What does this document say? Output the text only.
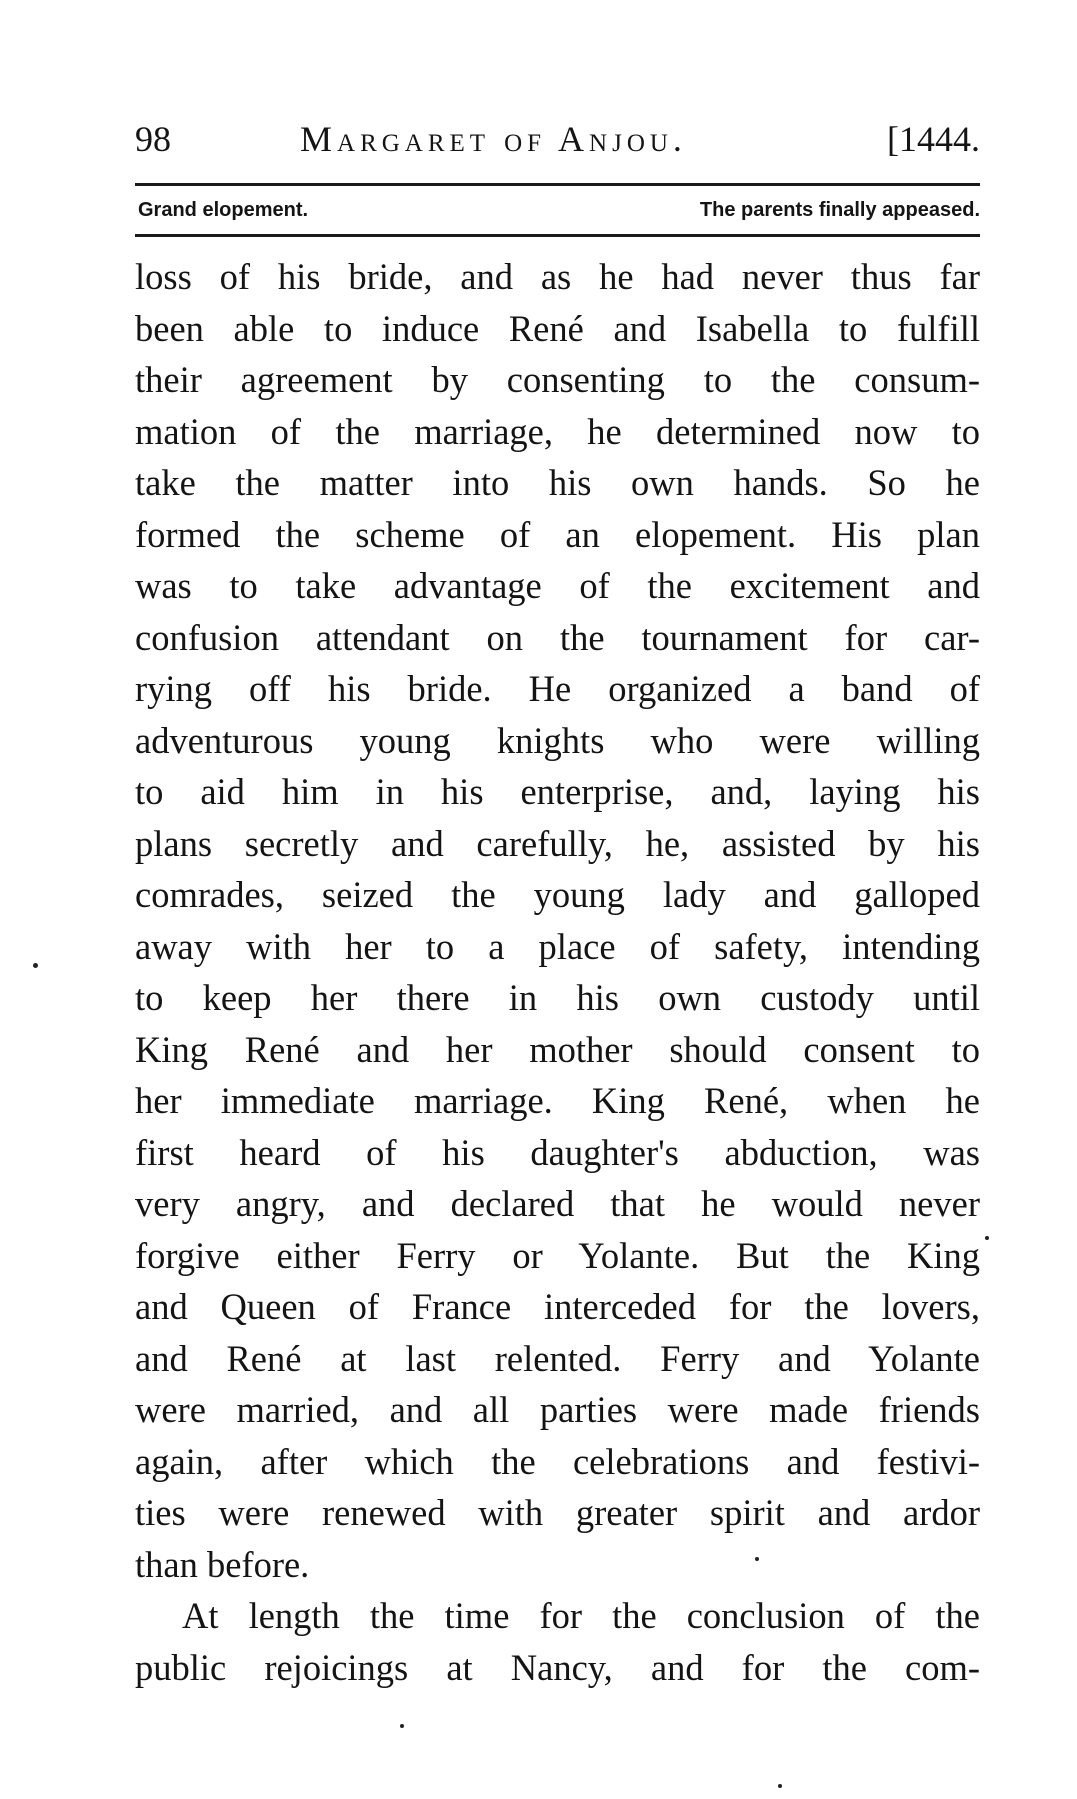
98	Margaret of Anjou.	[1444.
Grand elopement.	The parents finally appeased.
loss of his bride, and as he had never thus far
been able to induce René and Isabella to fulfill
their agreement by consenting to the consum-
mation of the marriage, he determined now to
take the matter into his own hands. So he
formed the scheme of an elopement. His plan
was to take advantage of the excitement and
confusion attendant on the tournament for car-
rying off his bride. He organized a band of
adventurous young knights who were willing
to aid him in his enterprise, and, laying his
plans secretly and carefully, he, assisted by his
comrades, seized the young lady and galloped
away with her to a place of safety, intending
to keep her there in his own custody until
King René and her mother should consent to
her immediate marriage. King René, when he
first heard of his daughter's abduction, was
very angry, and declared that he would never
forgive either Ferry or Yolante. But the King
and Queen of France interceded for the lovers,
and René at last relented. Ferry and Yolante
were married, and all parties were made friends
again, after which the celebrations and festivi-
ties were renewed with greater spirit and ardor
than before.
At length the time for the conclusion of the
public rejoicings at Nancy, and for the com-
